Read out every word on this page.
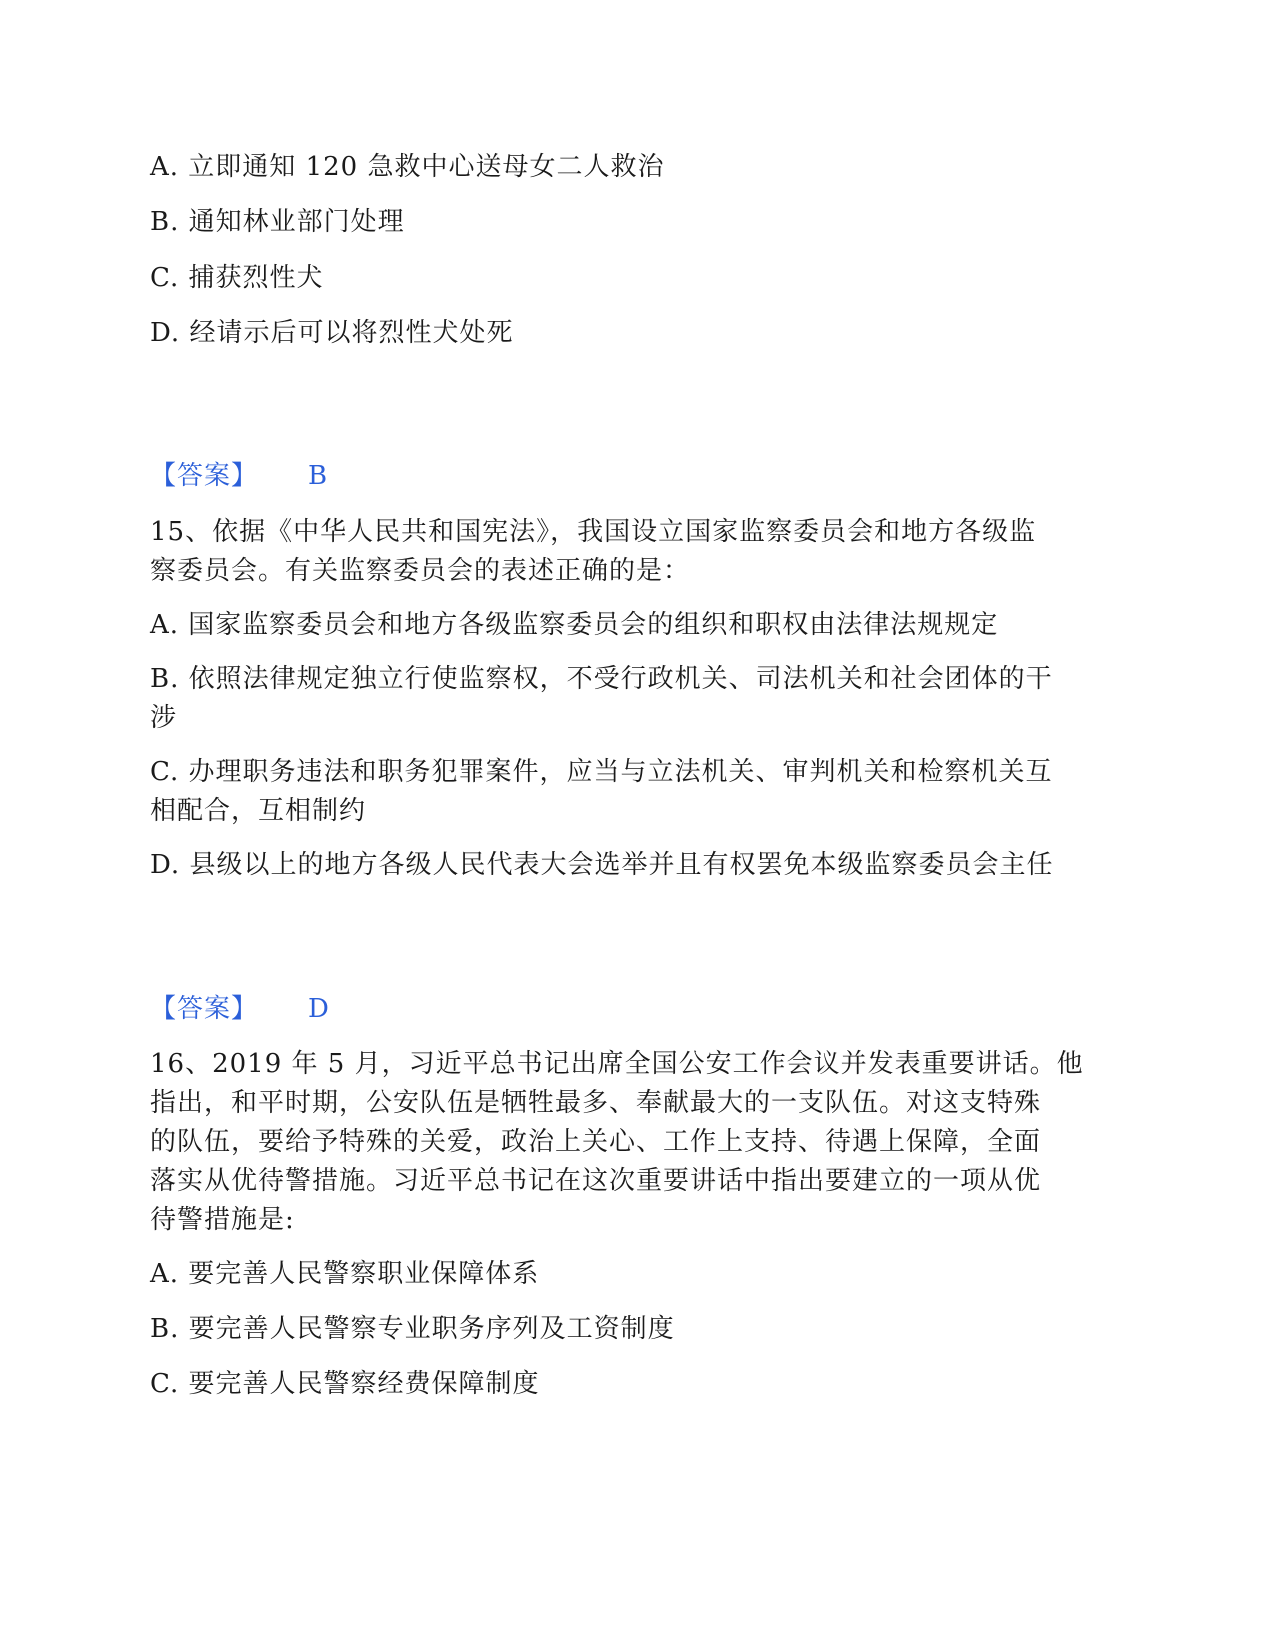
A. 立即通知 120 急救中心送母女二人救治
B. 通知林业部门处理
C. 捕获烈性犬
D. 经请示后可以将烈性犬处死
【答案】 B
15、依据《中华人民共和国宪法》，我国设立国家监察委员会和地方各级监
察委员会。有关监察委员会的表述正确的是：
A. 国家监察委员会和地方各级监察委员会的组织和职权由法律法规规定
B. 依照法律规定独立行使监察权，不受行政机关、司法机关和社会团体的干
涉
C. 办理职务违法和职务犯罪案件，应当与立法机关、审判机关和检察机关互
相配合，互相制约
D. 县级以上的地方各级人民代表大会选举并且有权罢免本级监察委员会主任
【答案】 D
16、2019 年 5 月，习近平总书记出席全国公安工作会议并发表重要讲话。他
指出，和平时期，公安队伍是牺牲最多、奉献最大的一支队伍。对这支特殊
的队伍，要给予特殊的关爱，政治上关心、工作上支持、待遇上保障，全面
落实从优待警措施。习近平总书记在这次重要讲话中指出要建立的一项从优
待警措施是:
A. 要完善人民警察职业保障体系
B. 要完善人民警察专业职务序列及工资制度
C. 要完善人民警察经费保障制度
